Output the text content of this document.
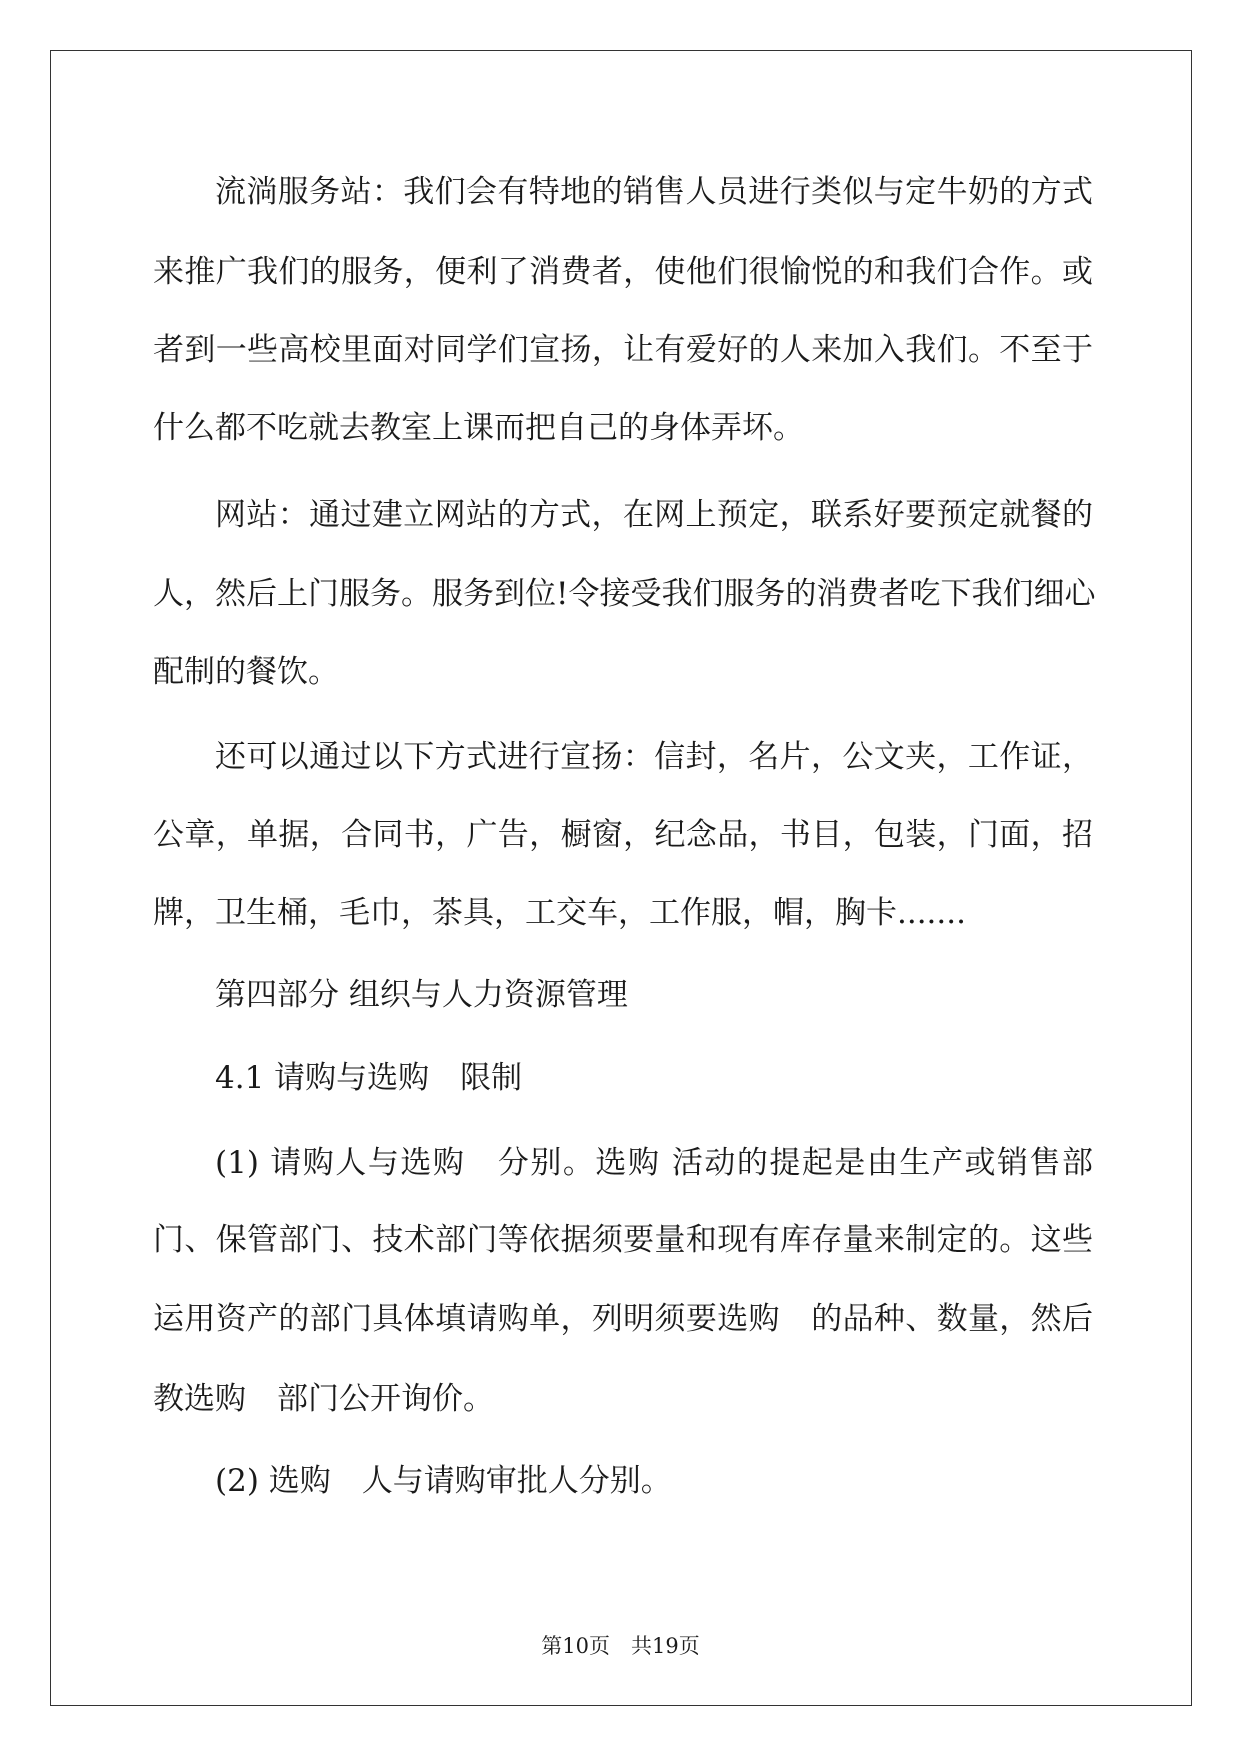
流淌服务站：我们会有特地的销售人员进行类似与定牛奶的方式
来推广我们的服务，便利了消费者，使他们很愉悦的和我们合作。或
者到一些高校里面对同学们宣扬，让有爱好的人来加入我们。不至于
什么都不吃就去教室上课而把自己的身体弄坏。
网站：通过建立网站的方式，在网上预定，联系好要预定就餐的
人，然后上门服务。服务到位!令接受我们服务的消费者吃下我们细心
配制的餐饮。
还可以通过以下方式进行宣扬：信封，名片，公文夹，工作证，
公章，单据，合同书，广告，橱窗，纪念品，书目，包装，门面，招
牌，卫生桶，毛巾，茶具，工交车，工作服，帽，胸卡.......
第四部分 组织与人力资源管理
4.1 请购与选购　限制
(1) 请购人与选购　分别。选购 活动的提起是由生产或销售部
门、保管部门、技术部门等依据须要量和现有库存量来制定的。这些
运用资产的部门具体填请购单，列明须要选购　的品种、数量，然后
教选购　部门公开询价。
(2) 选购　人与请购审批人分别。
第10页　共19页
